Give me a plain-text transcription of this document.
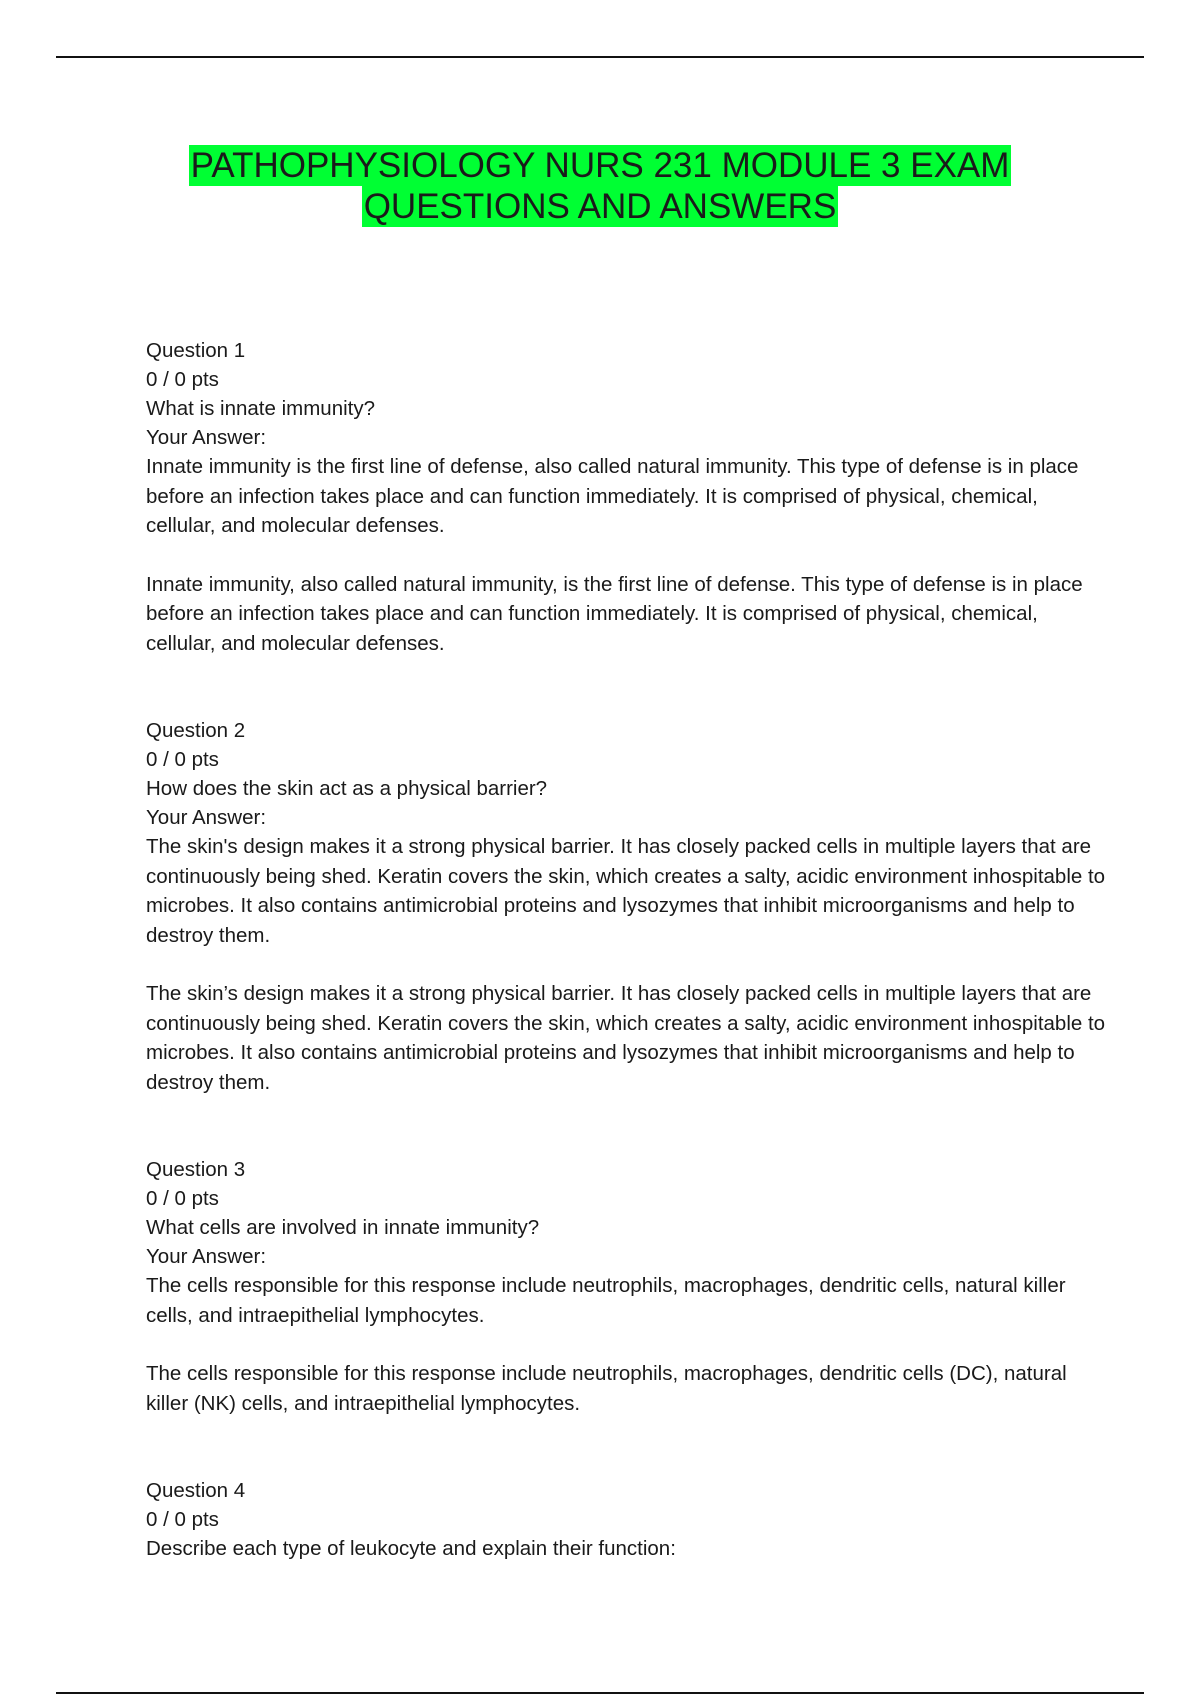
PATHOPHYSIOLOGY NURS 231 MODULE 3 EXAM
QUESTIONS AND ANSWERS

Question 1

0 / 0 pts

What is innate immunity?

Your Answer:

Innate immunity is the first line of defense, also called natural immunity. This type of defense is in place before an infection takes place and can function immediately. It is comprised of physical, chemical, cellular, and molecular defenses.

Innate immunity, also called natural immunity, is the first line of defense. This type of defense is in place before an infection takes place and can function immediately. It is comprised of physical, chemical, cellular, and molecular defenses.

Question 2

0 / 0 pts

How does the skin act as a physical barrier?

Your Answer:

The skin's design makes it a strong physical barrier. It has closely packed cells in multiple layers that are continuously being shed. Keratin covers the skin, which creates a salty, acidic environment inhospitable to microbes. It also contains antimicrobial proteins and lysozymes that inhibit microorganisms and help to destroy them.

The skin’s design makes it a strong physical barrier. It has closely packed cells in multiple layers that are continuously being shed. Keratin covers the skin, which creates a salty, acidic environment inhospitable to microbes. It also contains antimicrobial proteins and lysozymes that inhibit microorganisms and help to destroy them.

Question 3

0 / 0 pts

What cells are involved in innate immunity?

Your Answer:

The cells responsible for this response include neutrophils, macrophages, dendritic cells, natural killer cells, and intraepithelial lymphocytes.

The cells responsible for this response include neutrophils, macrophages, dendritic cells (DC), natural killer (NK) cells, and intraepithelial lymphocytes.

Question 4

0 / 0 pts

Describe each type of leukocyte and explain their function:
